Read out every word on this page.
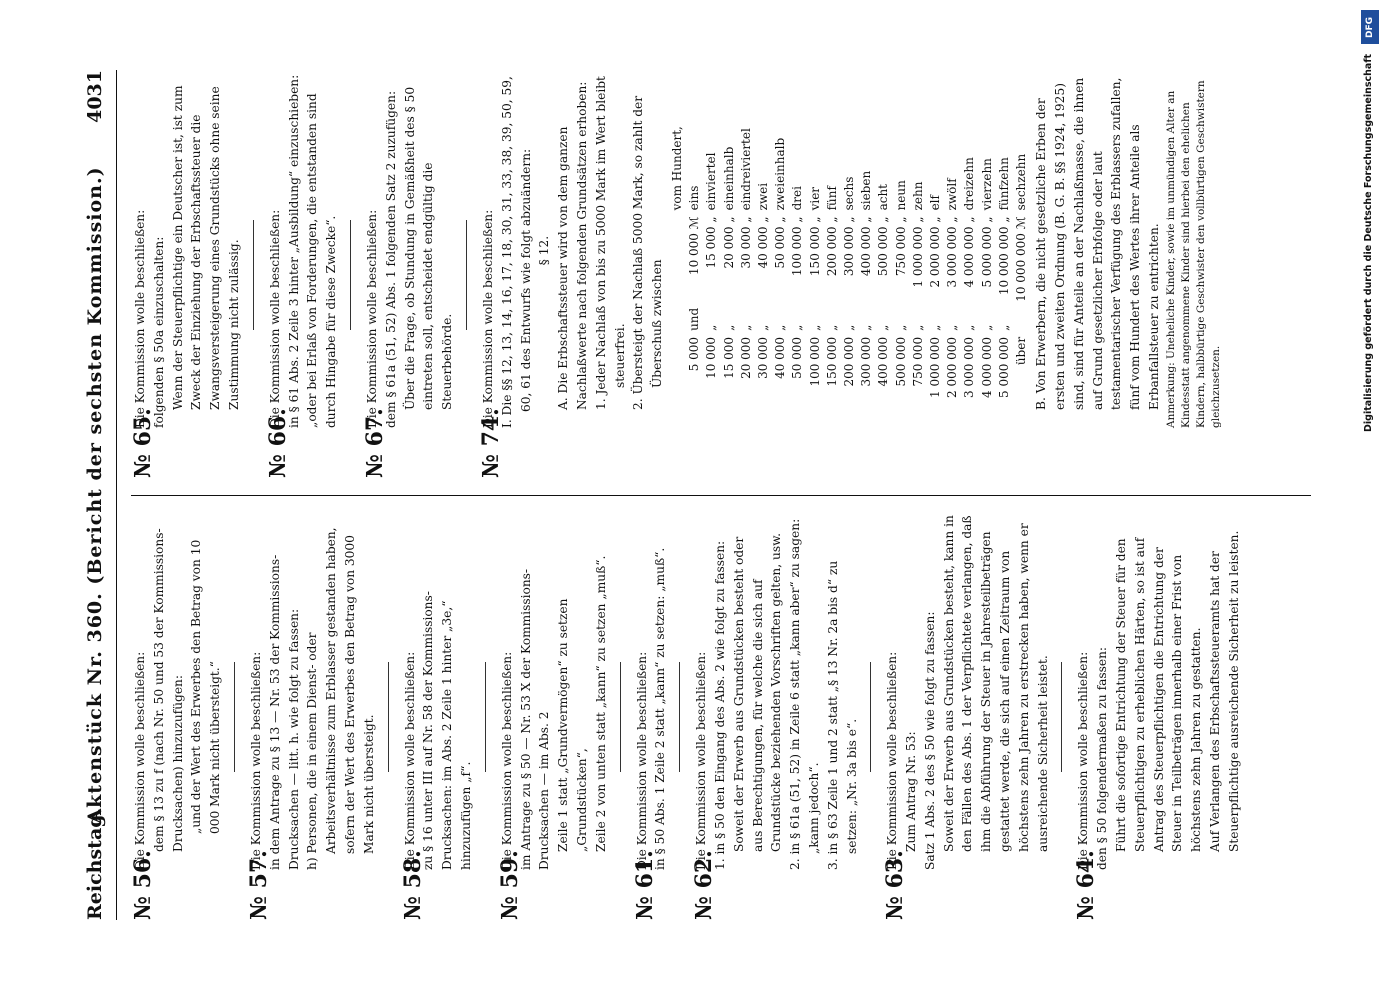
Reichstag.
Aktenstück Nr. 360. (Bericht der sechsten Kommission.)
4031
№ 56.

Die Kommission wolle beschließen: dem § 13 zu f (nach Nr. 50 und 53 der Kommissions-Drucksachen) hinzuzufügen: „und der Wert des Erwerbes den Betrag von 10 000 Mark nicht übersteigt.“

№ 57.

Die Kommission wolle beschließen: in dem Antrage zu § 13 — Nr. 53 der Kommissions-Drucksachen — litt. h. wie folgt zu fassen: h) Personen, die in einem Dienst- oder Arbeitsverhältnisse zum Erblasser gestanden haben, sofern der Wert des Erwerbes den Betrag von 3000 Mark nicht übersteigt.

№ 58.

Die Kommission wolle beschließen: zu § 16 unter III auf Nr. 58 der Kommissions-Drucksachen: im Abs. 2 Zeile 1 hinter „3e,“ hinzuzufügen „f“.

№ 59.

Die Kommission wolle beschließen: im Antrage zu § 50 — Nr. 53 X der Kommissions-Drucksachen — im Abs. 2 Zeile 1 statt „Grundvermögen“ zu setzen „Grundstücken“, Zeile 2 von unten statt „kann“ zu setzen „muß“.

№ 61.

Die Kommission wolle beschließen: in § 50 Abs. 1 Zeile 2 statt „kann“ zu setzen: „muß“.

№ 62.

Die Kommission wolle beschließen: 1. in § 50 den Eingang des Abs. 2 wie folgt zu fassen: Soweit der Erwerb aus Grundstücken besteht oder aus Berechtigungen, für welche die sich auf Grundstücke beziehenden Vorschriften gelten, usw. 2. in § 61a (51, 52) in Zeile 6 statt „kann aber“ zu sagen: „kann jedoch“. 3. in § 63 Zeile 1 und 2 statt „§ 13 Nr. 2a bis d“ zu setzen: „Nr. 3a bis e“.

№ 63.

Die Kommission wolle beschließen: Zum Antrag Nr. 53: Satz 1 Abs. 2 des § 50 wie folgt zu fassen: Soweit der Erwerb aus Grundstücken besteht, kann in den Fällen des Abs. 1 der Verpflichtete verlangen, daß ihm die Abführung der Steuer in Jahresteilbeträgen gestattet werde, die sich auf einen Zeitraum von höchstens zehn Jahren zu erstrecken haben, wenn er ausreichende Sicherheit leistet.

№ 64.

Die Kommission wolle beschließen: den § 50 folgendermaßen zu fassen: Führt die sofortige Entrichtung der Steuer für den Steuerpflichtigen zu erheblichen Härten, so ist auf Antrag des Steuerpflichtigen die Entrichtung der Steuer in Teilbeträgen innerhalb einer Frist von höchstens zehn Jahren zu gestatten. Auf Verlangen des Erbschaftssteueramts hat der Steuerpflichtige ausreichende Sicherheit zu leisten.

№ 65.

Die Kommission wolle beschließen: folgenden § 50a einzuschalten: Wenn der Steuerpflichtige ein Deutscher ist, ist zum Zweck der Einziehung der Erbschaftssteuer die Zwangsversteigerung eines Grundstücks ohne seine Zustimmung nicht zulässig.

№ 66.

Die Kommission wolle beschließen: in § 61 Abs. 2 Zeile 3 hinter „Ausbildung“ einzuschieben: „oder bei Erlaß von Forderungen, die entstanden sind durch Hingabe für diese Zwecke“.

№ 67.

Die Kommission wolle beschließen: dem § 61a (51, 52) Abs. 1 folgenden Satz 2 zuzufügen: Über die Frage, ob Stundung in Gemäßheit des § 50 eintreten soll, entscheidet endgültig die Steuerbehörde.

№ 74.

Die Kommission wolle beschließen: I. Die §§ 12, 13, 14, 16, 17, 18, 30, 31, 33, 38, 39, 50, 59, 60, 61 des Entwurfs wie folgt abzuändern: § 12. A. Die Erbschaftssteuer wird von dem ganzen Nachlaßwerte nach folgenden Grundsätzen erhoben: 1. Jeder Nachlaß von bis zu 5000 Mark im Wert bleibt steuerfrei. 2. Übersteigt der Nachlaß 5000 Mark, so zahlt der Überschuß zwischen

			vom Hundert,
5 000	und	10 000 ℳ	eins
10 000	„	15 000 „	einviertel
15 000	„	20 000 „	eineinhalb
20 000	„	30 000 „	eindreiviertel
30 000	„	40 000 „	zwei
40 000	„	50 000 „	zweieinhalb
50 000	„	100 000 „	drei
100 000	„	150 000 „	vier
150 000	„	200 000 „	fünf
200 000	„	300 000 „	sechs
300 000	„	400 000 „	sieben
400 000	„	500 000 „	acht
500 000	„	750 000 „	neun
750 000	„	1 000 000 „	zehn
1 000 000	„	2 000 000 „	elf
2 000 000	„	3 000 000 „	zwölf
3 000 000	„	4 000 000 „	dreizehn
4 000 000	„	5 000 000 „	vierzehn
5 000 000	„	10 000 000 „	fünfzehn
über		10 000 000 ℳ	sechzehn B. Von Erwerbern, die nicht gesetzliche Erben der ersten und zweiten Ordnung (B. G. B. §§ 1924, 1925) sind, sind für Anteile an der Nachlaßmasse, die ihnen auf Grund gesetzlicher Erbfolge oder laut testamentarischer Verfügung des Erblassers zufallen, fünf vom Hundert des Wertes ihrer Anteile als Erbanfallsteuer zu entrichten. Anmerkung: Uneheliche Kinder, sowie im unmündigen Alter an Kindesstatt angenommene Kinder sind hierbei den ehelichen Kindern, halbbürtige Geschwister den vollbürtigen Geschwistern gleichzusetzen.

DFG
Digitalisierung gefördert durch die Deutsche Forschungsgemeinschaft
